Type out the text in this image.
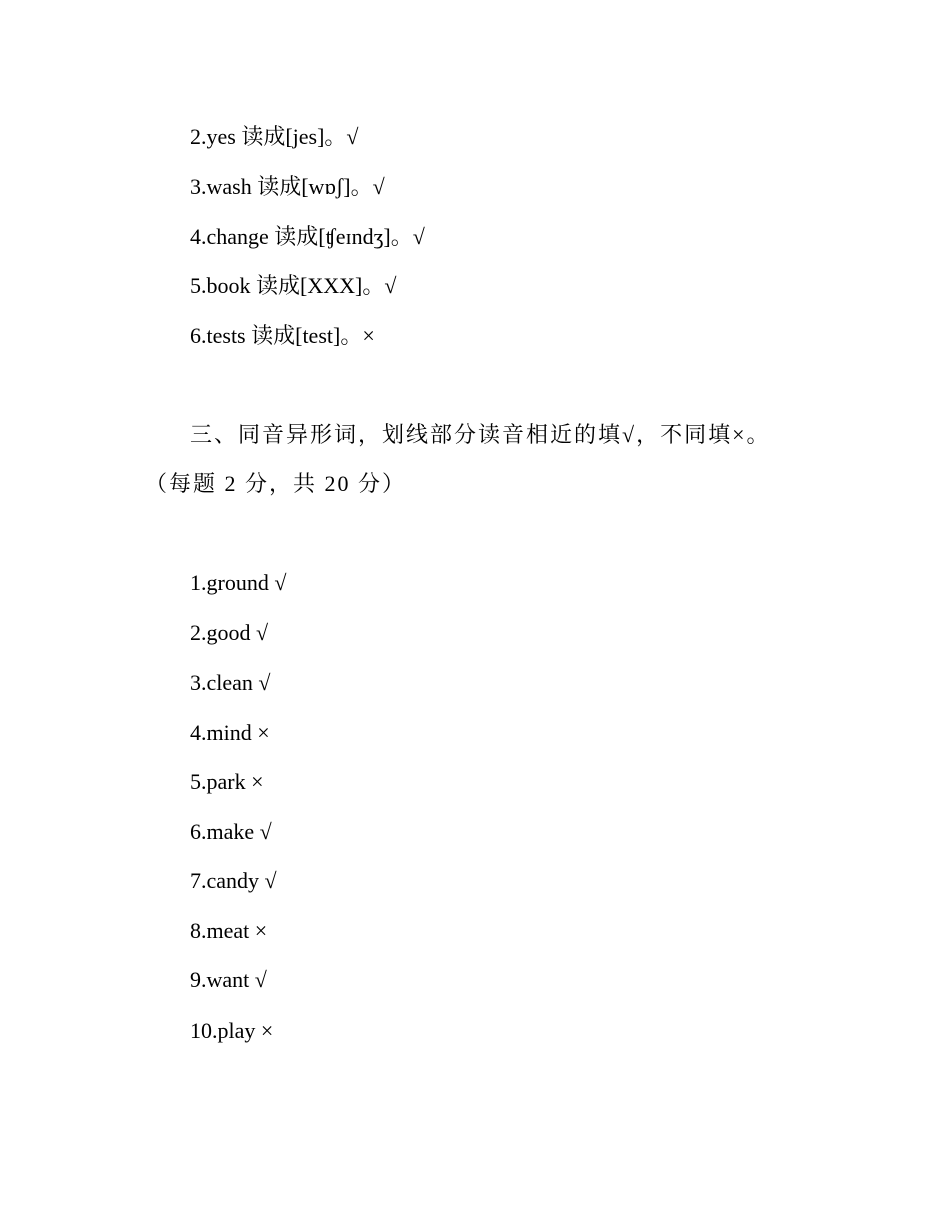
2.yes 读成[jes]。√

3.wash 读成[wɒʃ]。√

4.change 读成[ʧeɪndʒ]。√

5.book 读成[XXX]。√

6.tests 读成[test]。×

三、同音异形词，划线部分读音相近的填√，不同填×。

（每题 2 分，共 20 分）

1.ground √

2.good √

3.clean √

4.mind ×

5.park ×

6.make √

7.candy √

8.meat ×

9.want √

10.play ×
